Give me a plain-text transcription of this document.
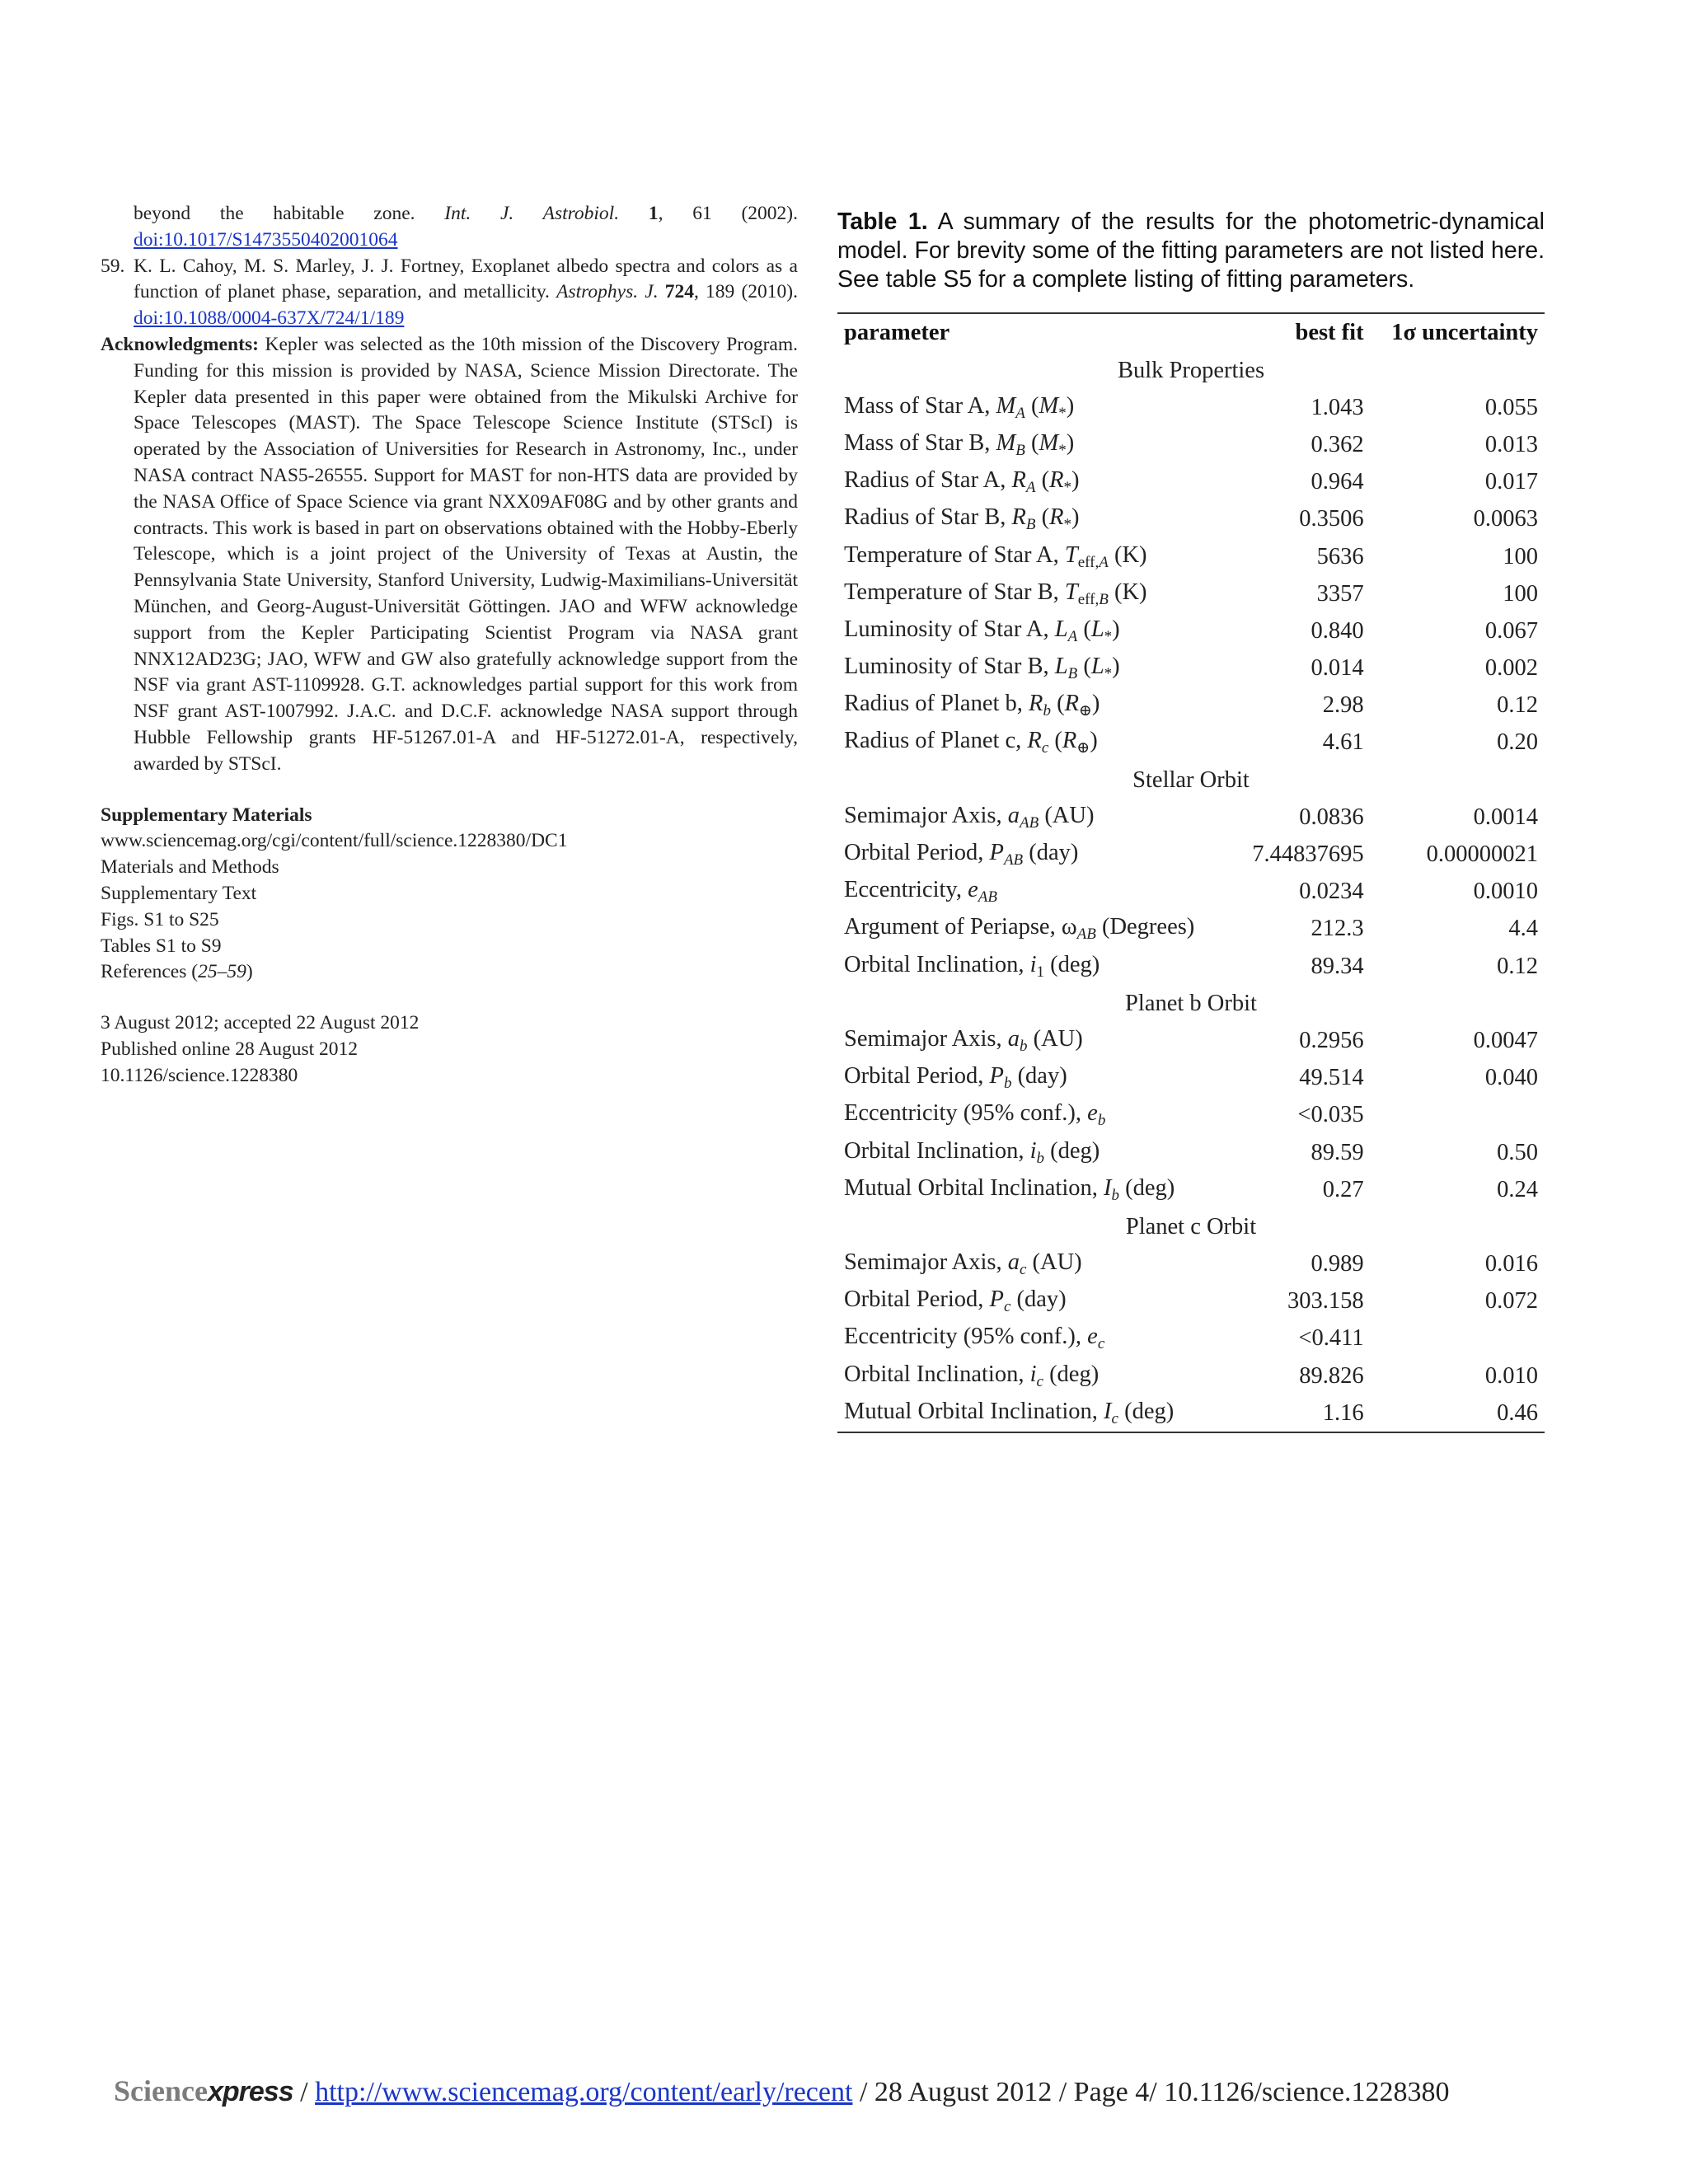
beyond the habitable zone. Int. J. Astrobiol. 1, 61 (2002). doi:10.1017/S1473550402001064
59. K. L. Cahoy, M. S. Marley, J. J. Fortney, Exoplanet albedo spectra and colors as a function of planet phase, separation, and metallicity. Astrophys. J. 724, 189 (2010). doi:10.1088/0004-637X/724/1/189
Acknowledgments: Kepler was selected as the 10th mission of the Discovery Program. Funding for this mission is provided by NASA, Science Mission Directorate. The Kepler data presented in this paper were obtained from the Mikulski Archive for Space Telescopes (MAST). The Space Telescope Science Institute (STScI) is operated by the Association of Universities for Research in Astronomy, Inc., under NASA contract NAS5-26555. Support for MAST for non-HTS data are provided by the NASA Office of Space Science via grant NXX09AF08G and by other grants and contracts. This work is based in part on observations obtained with the Hobby-Eberly Telescope, which is a joint project of the University of Texas at Austin, the Pennsylvania State University, Stanford University, Ludwig-Maximilians-Universität München, and Georg-August-Universität Göttingen. JAO and WFW acknowledge support from the Kepler Participating Scientist Program via NASA grant NNX12AD23G; JAO, WFW and GW also gratefully acknowledge support from the NSF via grant AST-1109928. G.T. acknowledges partial support for this work from NSF grant AST-1007992. J.A.C. and D.C.F. acknowledge NASA support through Hubble Fellowship grants HF-51267.01-A and HF-51272.01-A, respectively, awarded by STScI.
Supplementary Materials
www.sciencemag.org/cgi/content/full/science.1228380/DC1
Materials and Methods
Supplementary Text
Figs. S1 to S25
Tables S1 to S9
References (25–59)
3 August 2012; accepted 22 August 2012
Published online 28 August 2012
10.1126/science.1228380
Table 1. A summary of the results for the photometric-dynamical model. For brevity some of the fitting parameters are not listed here. See table S5 for a complete listing of fitting parameters.
parameter	best fit	1σ uncertainty
Bulk Properties		
Mass of Star A, $M_A$ $(M_*)$	1.043	0.055
Mass of Star B, $M_B$ $(M_*)$	0.362	0.013
Radius of Star A, $R_A$ $(R_*)$	0.964	0.017
Radius of Star B, $R_B$ $(R_*)$	0.3506	0.0063
Temperature of Star A, $T_{eff,A}$ (K)	5636	100
Temperature of Star B, $T_{eff,B}$ (K)	3357	100
Luminosity of Star A, $L_A$ $(L_*)$	0.840	0.067
Luminosity of Star B, $L_B$ $(L_*)$	0.014	0.002
Radius of Planet b, $R_b$ $(R_\oplus)$	2.98	0.12
Radius of Planet c, $R_c$ $(R_\oplus)$	4.61	0.20
Stellar Orbit		
Semimajor Axis, $a_{AB}$ (AU)	0.0836	0.0014
Orbital Period, $P_{AB}$ (day)	7.44837695	0.00000021
Eccentricity, $e_{AB}$	0.0234	0.0010
Argument of Periapse, $\omega_{AB}$ (Degrees)	212.3	4.4
Orbital Inclination, $i_1$ (deg)	89.34	0.12
Planet b Orbit		
Semimajor Axis, $a_b$ (AU)	0.2956	0.0047
Orbital Period, $P_b$ (day)	49.514	0.040
Eccentricity (95% conf.), $e_b$	<0.035	
Orbital Inclination, $i_b$ (deg)	89.59	0.50
Mutual Orbital Inclination, $I_b$ (deg)	0.27	0.24
Planet c Orbit		
Semimajor Axis, $a_c$ (AU)	0.989	0.016
Orbital Period, $P_c$ (day)	303.158	0.072
Eccentricity (95% conf.), $e_c$	<0.411	
Orbital Inclination, $i_c$ (deg)	89.826	0.010
Mutual Orbital Inclination, $I_c$ (deg)	1.16	0.46
Sciencexpress / http://www.sciencemag.org/content/early/recent / 28 August 2012 / Page 4/ 10.1126/science.1228380
